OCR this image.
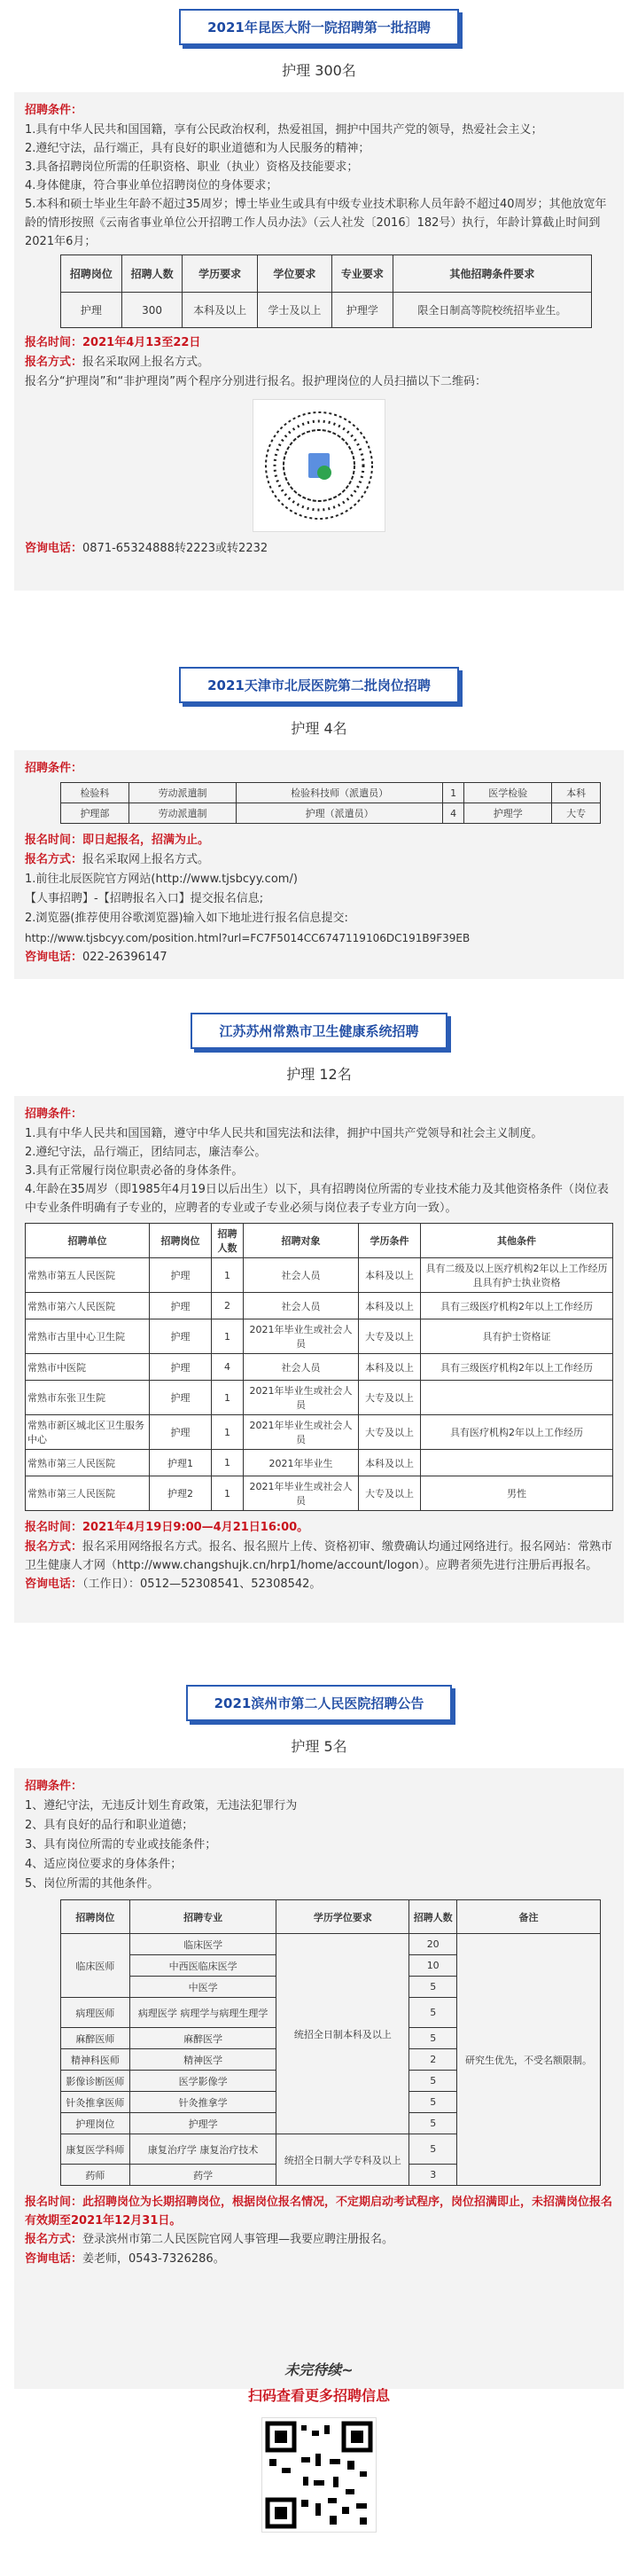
2021年昆医大附一院招聘第一批招聘
护理 300名
招聘条件：
1.具有中华人民共和国国籍，享有公民政治权利，热爱祖国，拥护中国共产党的领导，热爱社会主义；
2.遵纪守法，品行端正，具有良好的职业道德和为人民服务的精神；
3.具备招聘岗位所需的任职资格、职业（执业）资格及技能要求；
4.身体健康，符合事业单位招聘岗位的身体要求；
5.本科和硕士毕业生年龄不超过35周岁；博士毕业生或具有中级专业技术职称人员年龄不超过40周岁；其他放宽年龄的情形按照《云南省事业单位公开招聘工作人员办法》（云人社发〔2016〕182号）执行，年龄计算截止时间到2021年6月；
招聘岗位	招聘人数	学历要求	学位要求	专业要求	其他招聘条件要求
护理	300	本科及以上	学士及以上	护理学	限全日制高等院校统招毕业生。
报名时间：2021年4月13至22日
报名方式：报名采取网上报名方式。
报名分“护理岗”和“非护理岗”两个程序分别进行报名。报护理岗位的人员扫描以下二维码：
咨询电话：0871-65324888转2223或转2232
2021天津市北辰医院第二批岗位招聘
护理 4名
招聘条件：
检验科	劳动派遣制	检验科技师（派遣员）	1	医学检验	本科
护理部	劳动派遣制	护理（派遣员）	4	护理学	大专
报名时间：即日起报名，招满为止。
报名方式：报名采取网上报名方式。
1.前往北辰医院官方网站(http://www.tjsbcyy.com/)
【人事招聘】-【招聘报名入口】提交报名信息;
2.浏览器(推荐使用谷歌浏览器)输入如下地址进行报名信息提交:
http://www.tjsbcyy.com/position.html?url=FC7F5014CC6747119106DC191B9F39EB
咨询电话：022-26396147
江苏苏州常熟市卫生健康系统招聘
护理 12名
招聘条件：
1.具有中华人民共和国国籍，遵守中华人民共和国宪法和法律，拥护中国共产党领导和社会主义制度。
2.遵纪守法，品行端正，团结同志，廉洁奉公。
3.具有正常履行岗位职责必备的身体条件。
4.年龄在35周岁（即1985年4月19日以后出生）以下，具有招聘岗位所需的专业技术能力及其他资格条件（岗位表中专业条件明确有子专业的，应聘者的专业或子专业必须与岗位表子专业方向一致）。
招聘单位	招聘岗位	招聘人数	招聘对象	学历条件	其他条件
常熟市第五人民医院	护理	1	社会人员	本科及以上	具有二级及以上医疗机构2年以上工作经历且具有护士执业资格
常熟市第六人民医院	护理	2	社会人员	本科及以上	具有三级医疗机构2年以上工作经历
常熟市古里中心卫生院	护理	1	2021年毕业生或社会人员	大专及以上	具有护士资格证
常熟市中医院	护理	4	社会人员	本科及以上	具有三级医疗机构2年以上工作经历
常熟市东张卫生院	护理	1	2021年毕业生或社会人员	大专及以上	
常熟市新区城北区卫生服务中心	护理	1	2021年毕业生或社会人员	大专及以上	具有医疗机构2年以上工作经历
常熟市第三人民医院	护理1	1	2021年毕业生	本科及以上	
常熟市第三人民医院	护理2	1	2021年毕业生或社会人员	大专及以上	男性
报名时间：2021年4月19日9:00—4月21日16:00。
报名方式：报名采用网络报名方式。报名、报名照片上传、资格初审、缴费确认均通过网络进行。报名网站：常熟市卫生健康人才网（http://www.changshujk.cn/hrp1/home/account/logon）。应聘者须先进行注册后再报名。
咨询电话：（工作日）：0512—52308541、52308542。
2021滨州市第二人民医院招聘公告
护理 5名
招聘条件：
1、遵纪守法，无违反计划生育政策，无违法犯罪行为
2、具有良好的品行和职业道德；
3、具有岗位所需的专业或技能条件；
4、适应岗位要求的身体条件；
5、岗位所需的其他条件。
招聘岗位	招聘专业	学历学位要求	招聘人数	备注
临床医师	临床医学	统招全日制本科及以上	20	研究生优先，不受名额限制。
	中西医临床医学		10	
	中医学		5	
病理医师	病理医学 病理学与病理生理学		5	
麻醉医师	麻醉医学		5	
精神科医师	精神医学		2	
影像诊断医师	医学影像学		5	
针灸推拿医师	针灸推拿学		5	
护理岗位	护理学		5	
康复医学科师	康复治疗学 康复治疗技术	统招全日制大学专科及以上	5	
药师	药学		3	
报名时间：此招聘岗位为长期招聘岗位，根据岗位报名情况，不定期启动考试程序，岗位招满即止，未招满岗位报名有效期至2021年12月31日。
报名方式：登录滨州市第二人民医院官网人事管理—我要应聘注册报名。
咨询电话：姜老师，0543-7326286。
未完待续~
扫码查看更多招聘信息
